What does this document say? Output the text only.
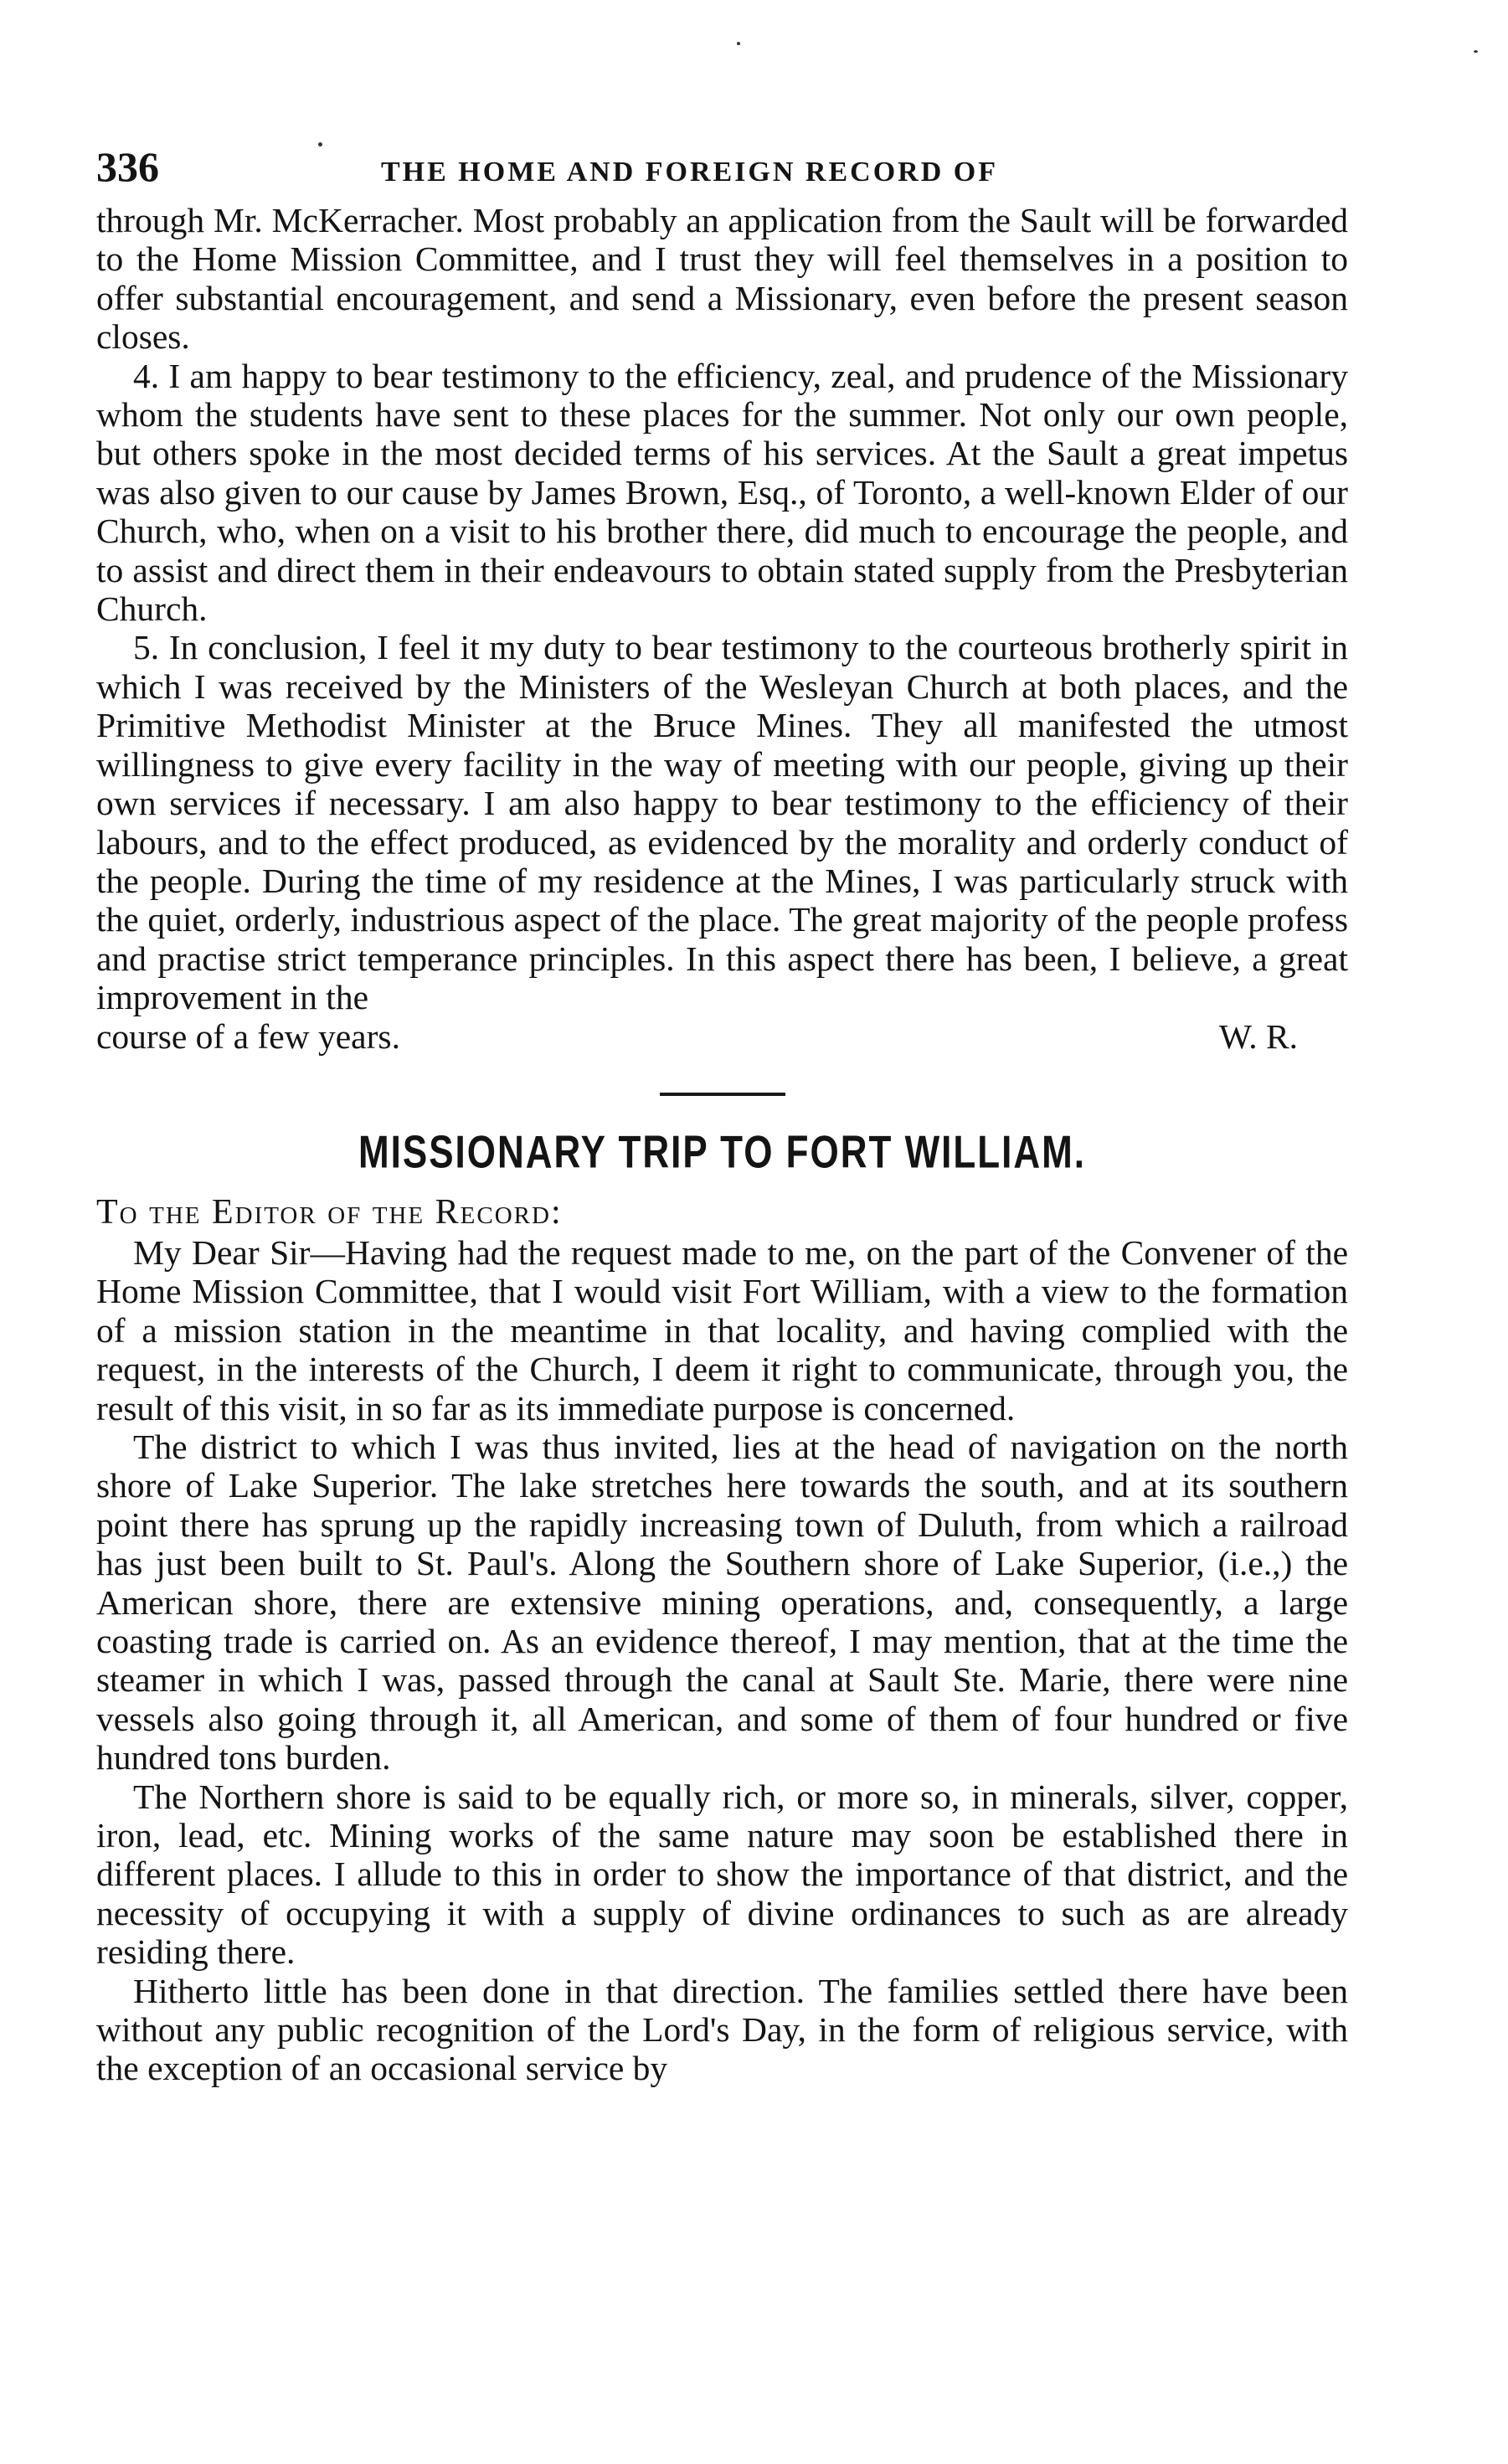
336	THE HOME AND FOREIGN RECORD OF

through Mr. McKerracher. Most probably an application from the Sault will be forwarded to the Home Mission Committee, and I trust they will feel themselves in a position to offer substantial encouragement, and send a Missionary, even before the present season closes.

4. I am happy to bear testimony to the efficiency, zeal, and prudence of the Missionary whom the students have sent to these places for the summer. Not only our own people, but others spoke in the most decided terms of his services. At the Sault a great impetus was also given to our cause by James Brown, Esq., of Toronto, a well-known Elder of our Church, who, when on a visit to his brother there, did much to encourage the people, and to assist and direct them in their endeavours to obtain stated supply from the Presbyterian Church.

5. In conclusion, I feel it my duty to bear testimony to the courteous brotherly spirit in which I was received by the Ministers of the Wesleyan Church at both places, and the Primitive Methodist Minister at the Bruce Mines. They all manifested the utmost willingness to give every facility in the way of meeting with our people, giving up their own services if necessary. I am also happy to bear testimony to the efficiency of their labours, and to the effect produced, as evidenced by the morality and orderly conduct of the people. During the time of my residence at the Mines, I was particularly struck with the quiet, orderly, industrious aspect of the place. The great majority of the people profess and practise strict temperance principles. In this aspect there has been, I believe, a great improvement in the

course of a few years.	W. R.
MISSIONARY TRIP TO FORT WILLIAM.

To the Editor of the Record:

My Dear Sir—Having had the request made to me, on the part of the Convener of the Home Mission Committee, that I would visit Fort William, with a view to the formation of a mission station in the meantime in that locality, and having complied with the request, in the interests of the Church, I deem it right to communicate, through you, the result of this visit, in so far as its immediate purpose is concerned.

The district to which I was thus invited, lies at the head of navigation on the north shore of Lake Superior. The lake stretches here towards the south, and at its southern point there has sprung up the rapidly increasing town of Duluth, from which a railroad has just been built to St. Paul's. Along the Southern shore of Lake Superior, (i.e.,) the American shore, there are extensive mining operations, and, consequently, a large coasting trade is carried on. As an evidence thereof, I may mention, that at the time the steamer in which I was, passed through the canal at Sault Ste. Marie, there were nine vessels also going through it, all American, and some of them of four hundred or five hundred tons burden.

The Northern shore is said to be equally rich, or more so, in minerals, silver, copper, iron, lead, etc. Mining works of the same nature may soon be established there in different places. I allude to this in order to show the importance of that district, and the necessity of occupying it with a supply of divine ordinances to such as are already residing there.

Hitherto little has been done in that direction. The families settled there have been without any public recognition of the Lord's Day, in the form of religious service, with the exception of an occasional service by
